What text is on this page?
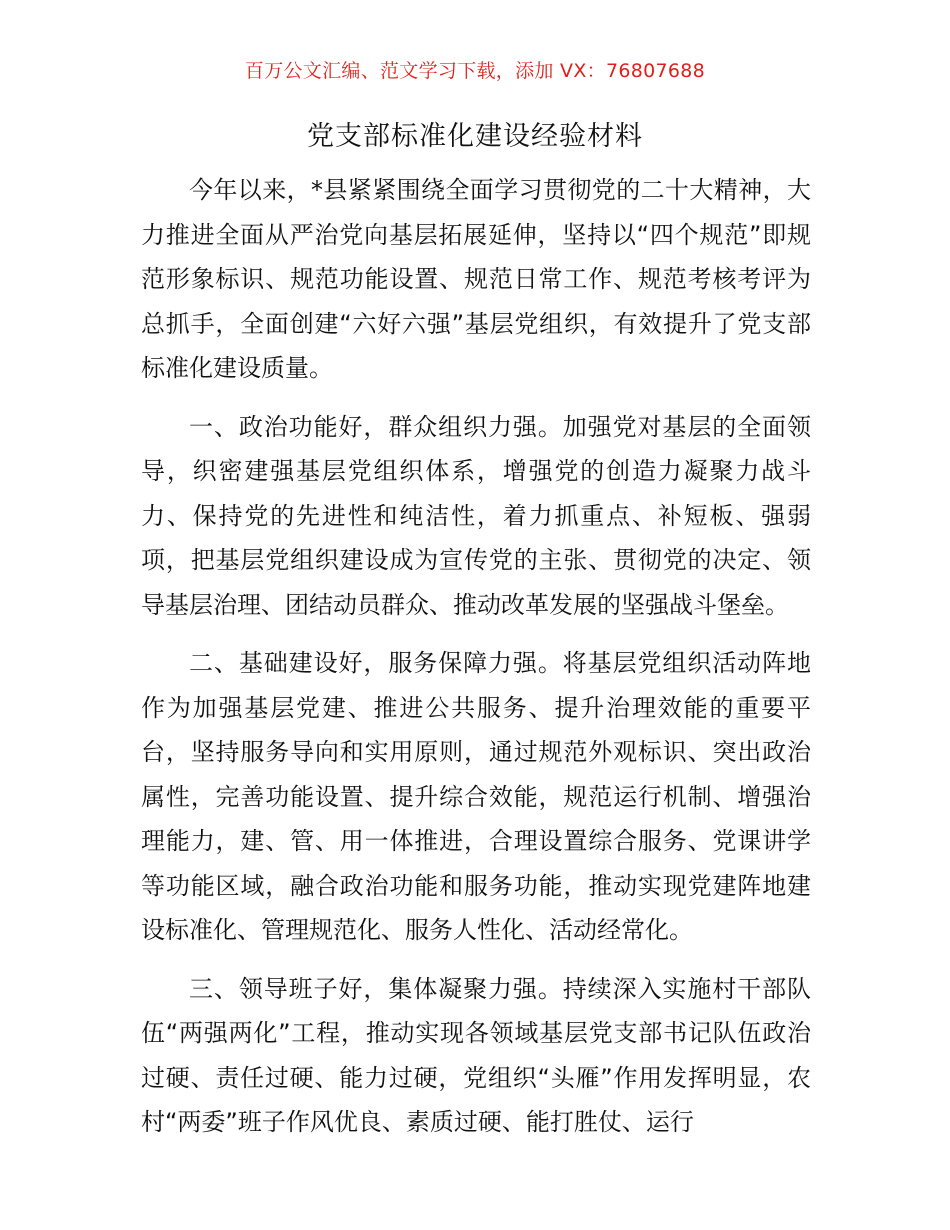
百万公文汇编、范文学习下载，添加 VX：76807688
党支部标准化建设经验材料

今年以来，*县紧紧围绕全面学习贯彻党的二十大精神，大力推进全面从严治党向基层拓展延伸，坚持以“四个规范”即规范形象标识、规范功能设置、规范日常工作、规范考核考评为总抓手，全面创建“六好六强”基层党组织，有效提升了党支部标准化建设质量。

一、政治功能好，群众组织力强。加强党对基层的全面领导，织密建强基层党组织体系，增强党的创造力凝聚力战斗力、保持党的先进性和纯洁性，着力抓重点、补短板、强弱项，把基层党组织建设成为宣传党的主张、贯彻党的决定、领导基层治理、团结动员群众、推动改革发展的坚强战斗堡垒。

二、基础建设好，服务保障力强。将基层党组织活动阵地作为加强基层党建、推进公共服务、提升治理效能的重要平台，坚持服务导向和实用原则，通过规范外观标识、突出政治属性，完善功能设置、提升综合效能，规范运行机制、增强治理能力，建、管、用一体推进，合理设置综合服务、党课讲学等功能区域，融合政治功能和服务功能，推动实现党建阵地建设标准化、管理规范化、服务人性化、活动经常化。

三、领导班子好，集体凝聚力强。持续深入实施村干部队伍“两强两化”工程，推动实现各领域基层党支部书记队伍政治过硬、责任过硬、能力过硬，党组织“头雁”作用发挥明显，农村“两委”班子作风优良、素质过硬、能打胜仗、运行
